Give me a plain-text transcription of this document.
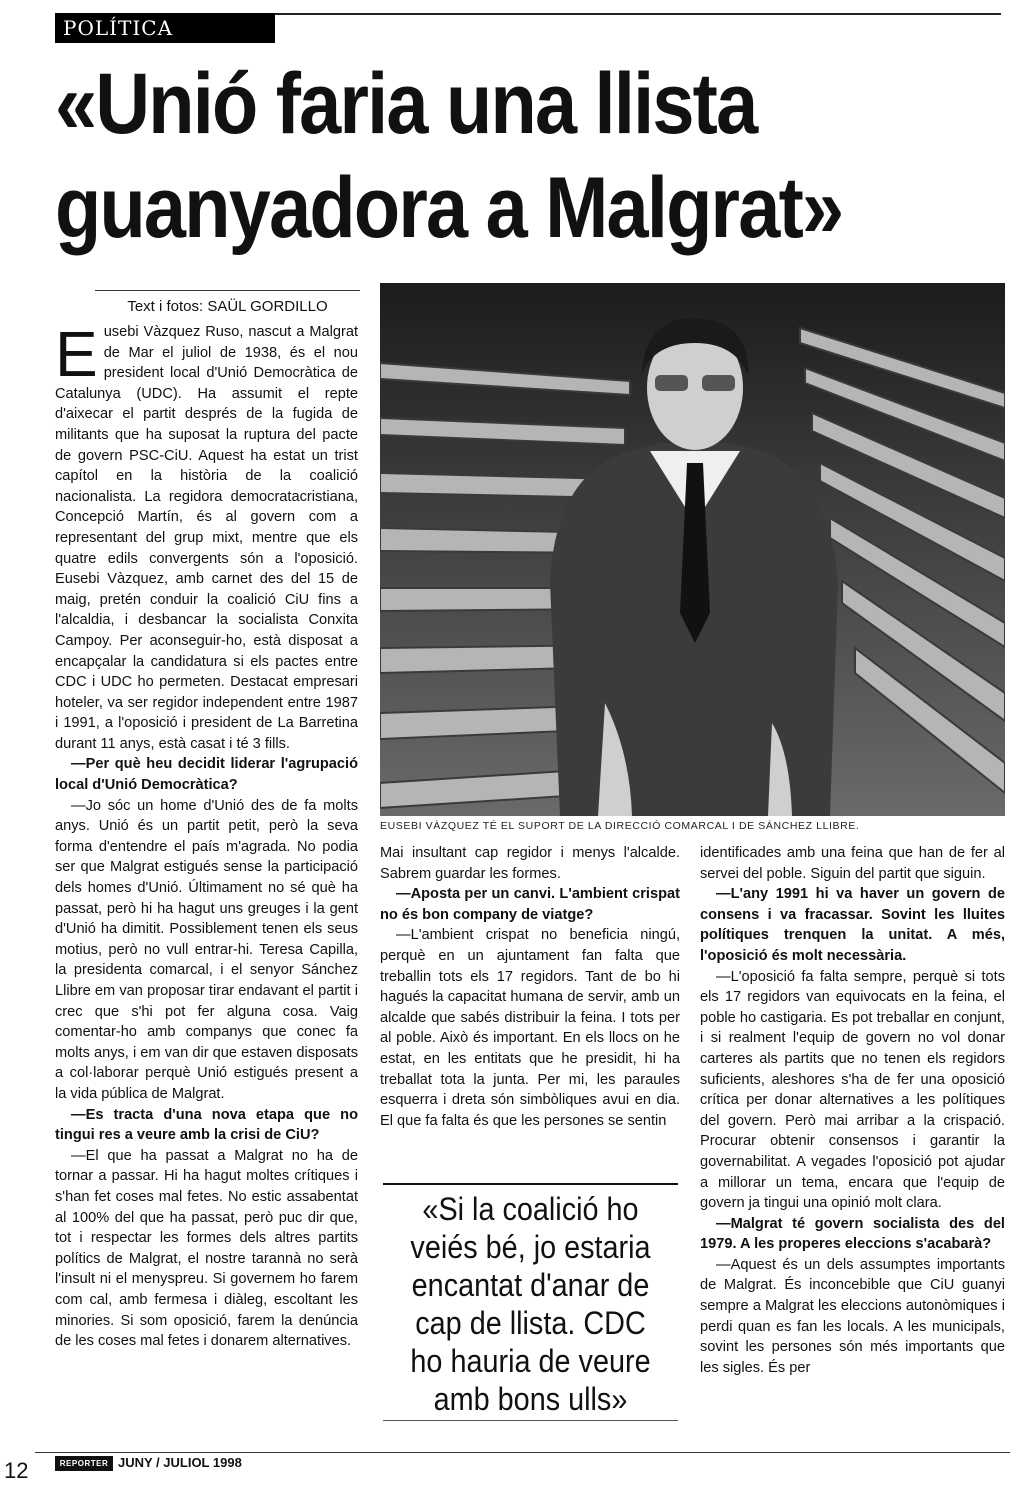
POLÍTICA
«Unió faria una llista
guanyadora a Malgrat»
Text i fotos: SAÜL GORDILLO

Eusebi Vàzquez Ruso, nascut a Malgrat de Mar el juliol de 1938, és el nou president local d'Unió Democràtica de Catalunya (UDC). Ha assumit el repte d'aixecar el partit després de la fugida de militants que ha suposat la ruptura del pacte de govern PSC-CiU. Aquest ha estat un trist capítol en la història de la coalició nacionalista. La regidora democratacristiana, Concepció Martín, és al govern com a representant del grup mixt, mentre que els quatre edils convergents són a l'oposició. Eusebi Vàzquez, amb carnet des del 15 de maig, pretén conduir la coalició CiU fins a l'alcaldia, i desbancar la socialista Conxita Campoy. Per aconseguir-ho, està disposat a encapçalar la candidatura si els pactes entre CDC i UDC ho permeten. Destacat empresari hoteler, va ser regidor independent entre 1987 i 1991, a l'oposició i president de La Barretina durant 11 anys, està casat i té 3 fills.

—Per què heu decidit liderar l'agrupació local d'Unió Democràtica?

—Jo sóc un home d'Unió des de fa molts anys. Unió és un partit petit, però la seva forma d'entendre el país m'agrada. No podia ser que Malgrat estigués sense la participació dels homes d'Unió. Últimament no sé què ha passat, però hi ha hagut uns greuges i la gent d'Unió ha dimitit. Possiblement tenen els seus motius, però no vull entrar-hi. Teresa Capilla, la presidenta comarcal, i el senyor Sánchez Llibre em van proposar tirar endavant el partit i crec que s'hi pot fer alguna cosa. Vaig comentar-ho amb companys que conec fa molts anys, i em van dir que estaven disposats a col·laborar perquè Unió estigués present a la vida pública de Malgrat.

—Es tracta d'una nova etapa que no tingui res a veure amb la crisi de CiU?

—El que ha passat a Malgrat no ha de tornar a passar. Hi ha hagut moltes crítiques i s'han fet coses mal fetes. No estic assabentat al 100% del que ha passat, però puc dir que, tot i respectar les formes dels altres partits polítics de Malgrat, el nostre tarannà no serà l'insult ni el menyspreu. Si governem ho farem com cal, amb fermesa i diàleg, escoltant les minories. Si som oposició, farem la denúncia de les coses mal fetes i donarem alternatives.

EUSEBI VÀZQUEZ TÉ EL SUPORT DE LA DIRECCIÓ COMARCAL I DE SÁNCHEZ LLIBRE.

Mai insultant cap regidor i menys l'alcalde. Sabrem guardar les formes.

—Aposta per un canvi. L'ambient crispat no és bon company de viatge?

—L'ambient crispat no beneficia ningú, perquè en un ajuntament fan falta que treballin tots els 17 regidors. Tant de bo hi hagués la capacitat humana de servir, amb un alcalde que sabés distribuir la feina. I tots per al poble. Això és important. En els llocs on he estat, en les entitats que he presidit, hi ha treballat tota la junta. Per mi, les paraules esquerra i dreta són simbòliques avui en dia. El que fa falta és que les persones se sentin

«Si la coalició ho veiés bé, jo estaria encantat d'anar de cap de llista. CDC ho hauria de veure amb bons ulls»

identificades amb una feina que han de fer al servei del poble. Siguin del partit que siguin.

—L'any 1991 hi va haver un govern de consens i va fracassar. Sovint les lluites polítiques trenquen la unitat. A més, l'oposició és molt necessària.

—L'oposició fa falta sempre, perquè si tots els 17 regidors van equivocats en la feina, el poble ho castigaria. Es pot treballar en conjunt, i si realment l'equip de govern no vol donar carteres als partits que no tenen els regidors suficients, aleshores s'ha de fer una oposició crítica per donar alternatives a les polítiques del govern. Però mai arribar a la crispació. Procurar obtenir consensos i garantir la governabilitat. A vegades l'oposició pot ajudar a millorar un tema, encara que l'equip de govern ja tingui una opinió molt clara.

—Malgrat té govern socialista des del 1979. A les properes eleccions s'acabarà?

—Aquest és un dels assumptes importants de Malgrat. És inconcebible que CiU guanyi sempre a Malgrat les eleccions autonòmiques i perdi quan es fan les locals. A les municipals, sovint les persones són més importants que les sigles. És per

12	REPORTER JUNY / JULIOL 1998
